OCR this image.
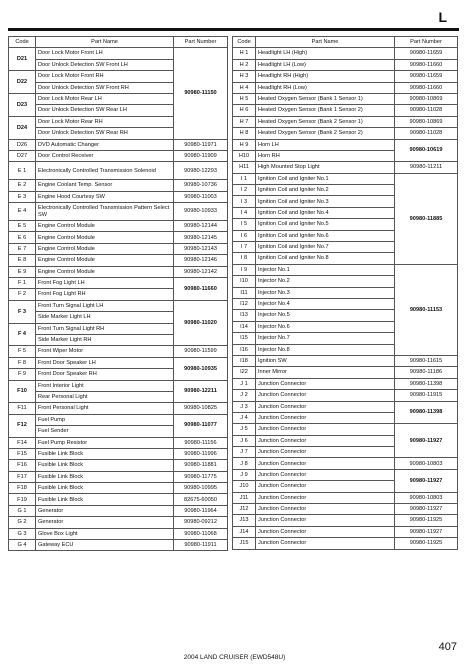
L
Code	Part Name	Part Number
D21	Door Lock Motor Front LH	90980-11150
	Door Unlock Detection SW Front LH	
D22	Door Lock Motor Front RH	
	Door Unlock Detection SW Front RH	
D23	Door Lock Motor Rear LH	
	Door Unlock Detection SW Rear LH	
D24	Door Lock Motor Rear RH	
	Door Unlock Detection SW Rear RH	
D26	DVD Automatic Changer	90980-11971
D27	Door Control Receiver	90980-11909
E 1	Electronically Controlled Transmission Solenoid	90980-12293
E 2	Engine Coolant Temp. Sensor	90980-10736
E 3	Engine Hood Courtesy SW	90980-11003
E 4	Electronically Controlled Transmission Pattern Select SW	90980-10933
E 5	Engine Control Module	90980-12144
E 6	Engine Control Module	90980-12145
E 7	Engine Control Module	90980-12143
E 8	Engine Control Module	90980-12146
E 9	Engine Control Module	90980-12142
F 1	Front Fog Light LH	90980-11660
F 2	Front Fog Light RH	
F 3	Front Turn Signal Light LH	90980-11020
	Side Marker Light LH	
F 4	Front Turn Signal Light RH	
	Side Marker Light RH	
F 5	Front Wiper Motor	90980-11599
F 8	Front Door Speaker LH	90980-10935
F 9	Front Door Speaker RH	
F10	Front Interior Light	90980-12211
	Rear Personal Light	
F11	Front Personal Light	90980-10825
F12	Fuel Pump	90980-11077
	Fuel Sender	
F14	Fuel Pump Resistor	90980-11156
F15	Fusible Link Block	90980-11996
F16	Fusible Link Block	90980-11881
F17	Fusible Link Block	90980-11775
F18	Fusible Link Block	90980-10995
F19	Fusible Link Block	82675-60050
G 1	Generator	90980-11964
G 2	Generator	90980-09212
G 3	Glove Box Light	90980-11068
G 4	Gateway ECU	90980-11911
Code	Part Name	Part Number
H 1	Headlight LH (High)	90980-11659
H 2	Headlight LH (Low)	90980-11660
H 3	Headlight RH (High)	90980-11659
H 4	Headlight RH (Low)	90980-11660
H 5	Heated Oxygen Sensor (Bank 1 Sensor 1)	90980-10869
H 6	Heated Oxygen Sensor (Bank 1 Sensor 2)	90980-11028
H 7	Heated Oxygen Sensor (Bank 2 Sensor 1)	90980-10869
H 8	Heated Oxygen Sensor (Bank 2 Sensor 2)	90980-11028
H 9	Horn LH	90980-10619
H10	Horn RH	
H11	High Mounted Stop Light	90980-11211
I 1	Ignition Coil and Igniter No.1	90980-11885
I 2	Ignition Coil and Igniter No.2	
I 3	Ignition Coil and Igniter No.3	
I 4	Ignition Coil and Igniter No.4	
I 5	Ignition Coil and Igniter No.5	
I 6	Ignition Coil and Igniter No.6	
I 7	Ignition Coil and Igniter No.7	
I 8	Ignition Coil and Igniter No.8	
I 9	Injector No.1	90980-11153
I10	Injector No.2	
I11	Injector No.3	
I12	Injector No.4	
I13	Injector No.5	
I14	Injector No.6	
I15	Injector No.7	
I16	Injector No.8	
I18	Ignition SW	90980-11615
I22	Inner Mirror	90980-11186
J 1	Junction Connector	90980-11398
J 2	Junction Connector	90980-11915
J 3	Junction Connector	90980-11398
J 4	Junction Connector	
J 5	Junction Connector	90980-11927
J 6	Junction Connector	
J 7	Junction Connector	
J 8	Junction Connector	90980-10803
J 9	Junction Connector	90980-11927
J10	Junction Connector	
J11	Junction Connector	90980-10803
J12	Junction Connector	90980-11927
J13	Junction Connector	90980-11925
J14	Junction Connector	90980-11927
J15	Junction Connector	90980-11925
407
2004 LAND CRUISER (EWD548U)
